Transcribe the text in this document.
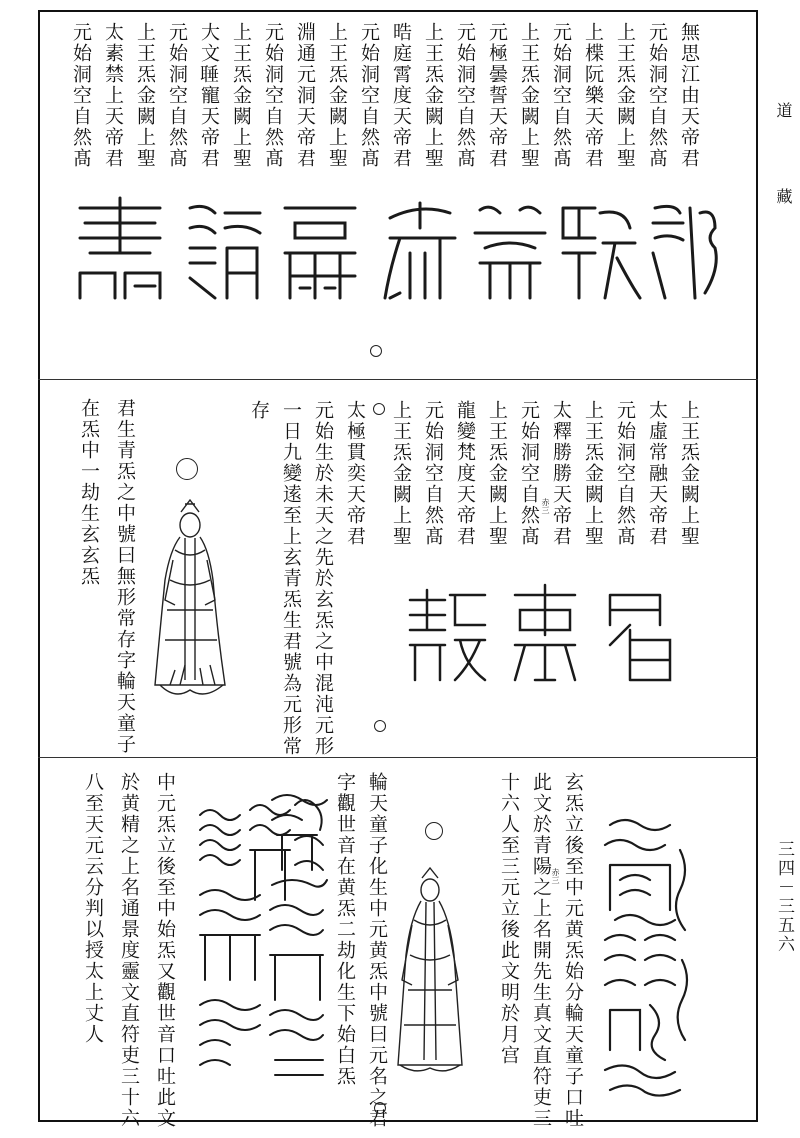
道
藏
三四－三五六
無思江由天帝君
元始洞空自然髙
上王炁金闕上聖
上楪阮樂天帝君
元始洞空自然髙
上王炁金闕上聖
元極曇誓天帝君
元始洞空自然髙
上王炁金闕上聖
晧庭霄度天帝君
元始洞空自然髙
上王炁金闕上聖
淵通元洞天帝君
元始洞空自然髙
上王炁金闕上聖
大文𦖋寵天帝君
元始洞空自然髙
上王炁金闕上聖
太素禁上天帝君
元始洞空自然髙
上王炁金闕上聖
太虛常融天帝君
元始洞空自然髙
上王炁金闕上聖
太釋勝勝天帝君
元始洞空自然髙
上王炁金闕上聖
龍變梵度天帝君
元始洞空自然髙
上王炁金闕上聖
太極貫奕天帝君
元始生於未天之先於玄炁之中混沌元形
一日九變逺至上玄青炁生君號為元形常
存
君生青炁之中號曰無形常存字輪天童子
在炁中一劫生玄玄炁	赤三
玄炁立後至中元黄炁始分輪天童子口吐
此文於青陽之上名開先生真文直符吏三
十六人至三元立後此文明於月宫
輪天童子化生中元黄炁中號曰元名之君
字觀世音在黄炁二劫化生下始白炁
中元炁立後至中始炁又觀世音口吐此文
於黄精之上名通景度靈文直符吏三十六
八至天元云分判以授太上丈人	赤三
